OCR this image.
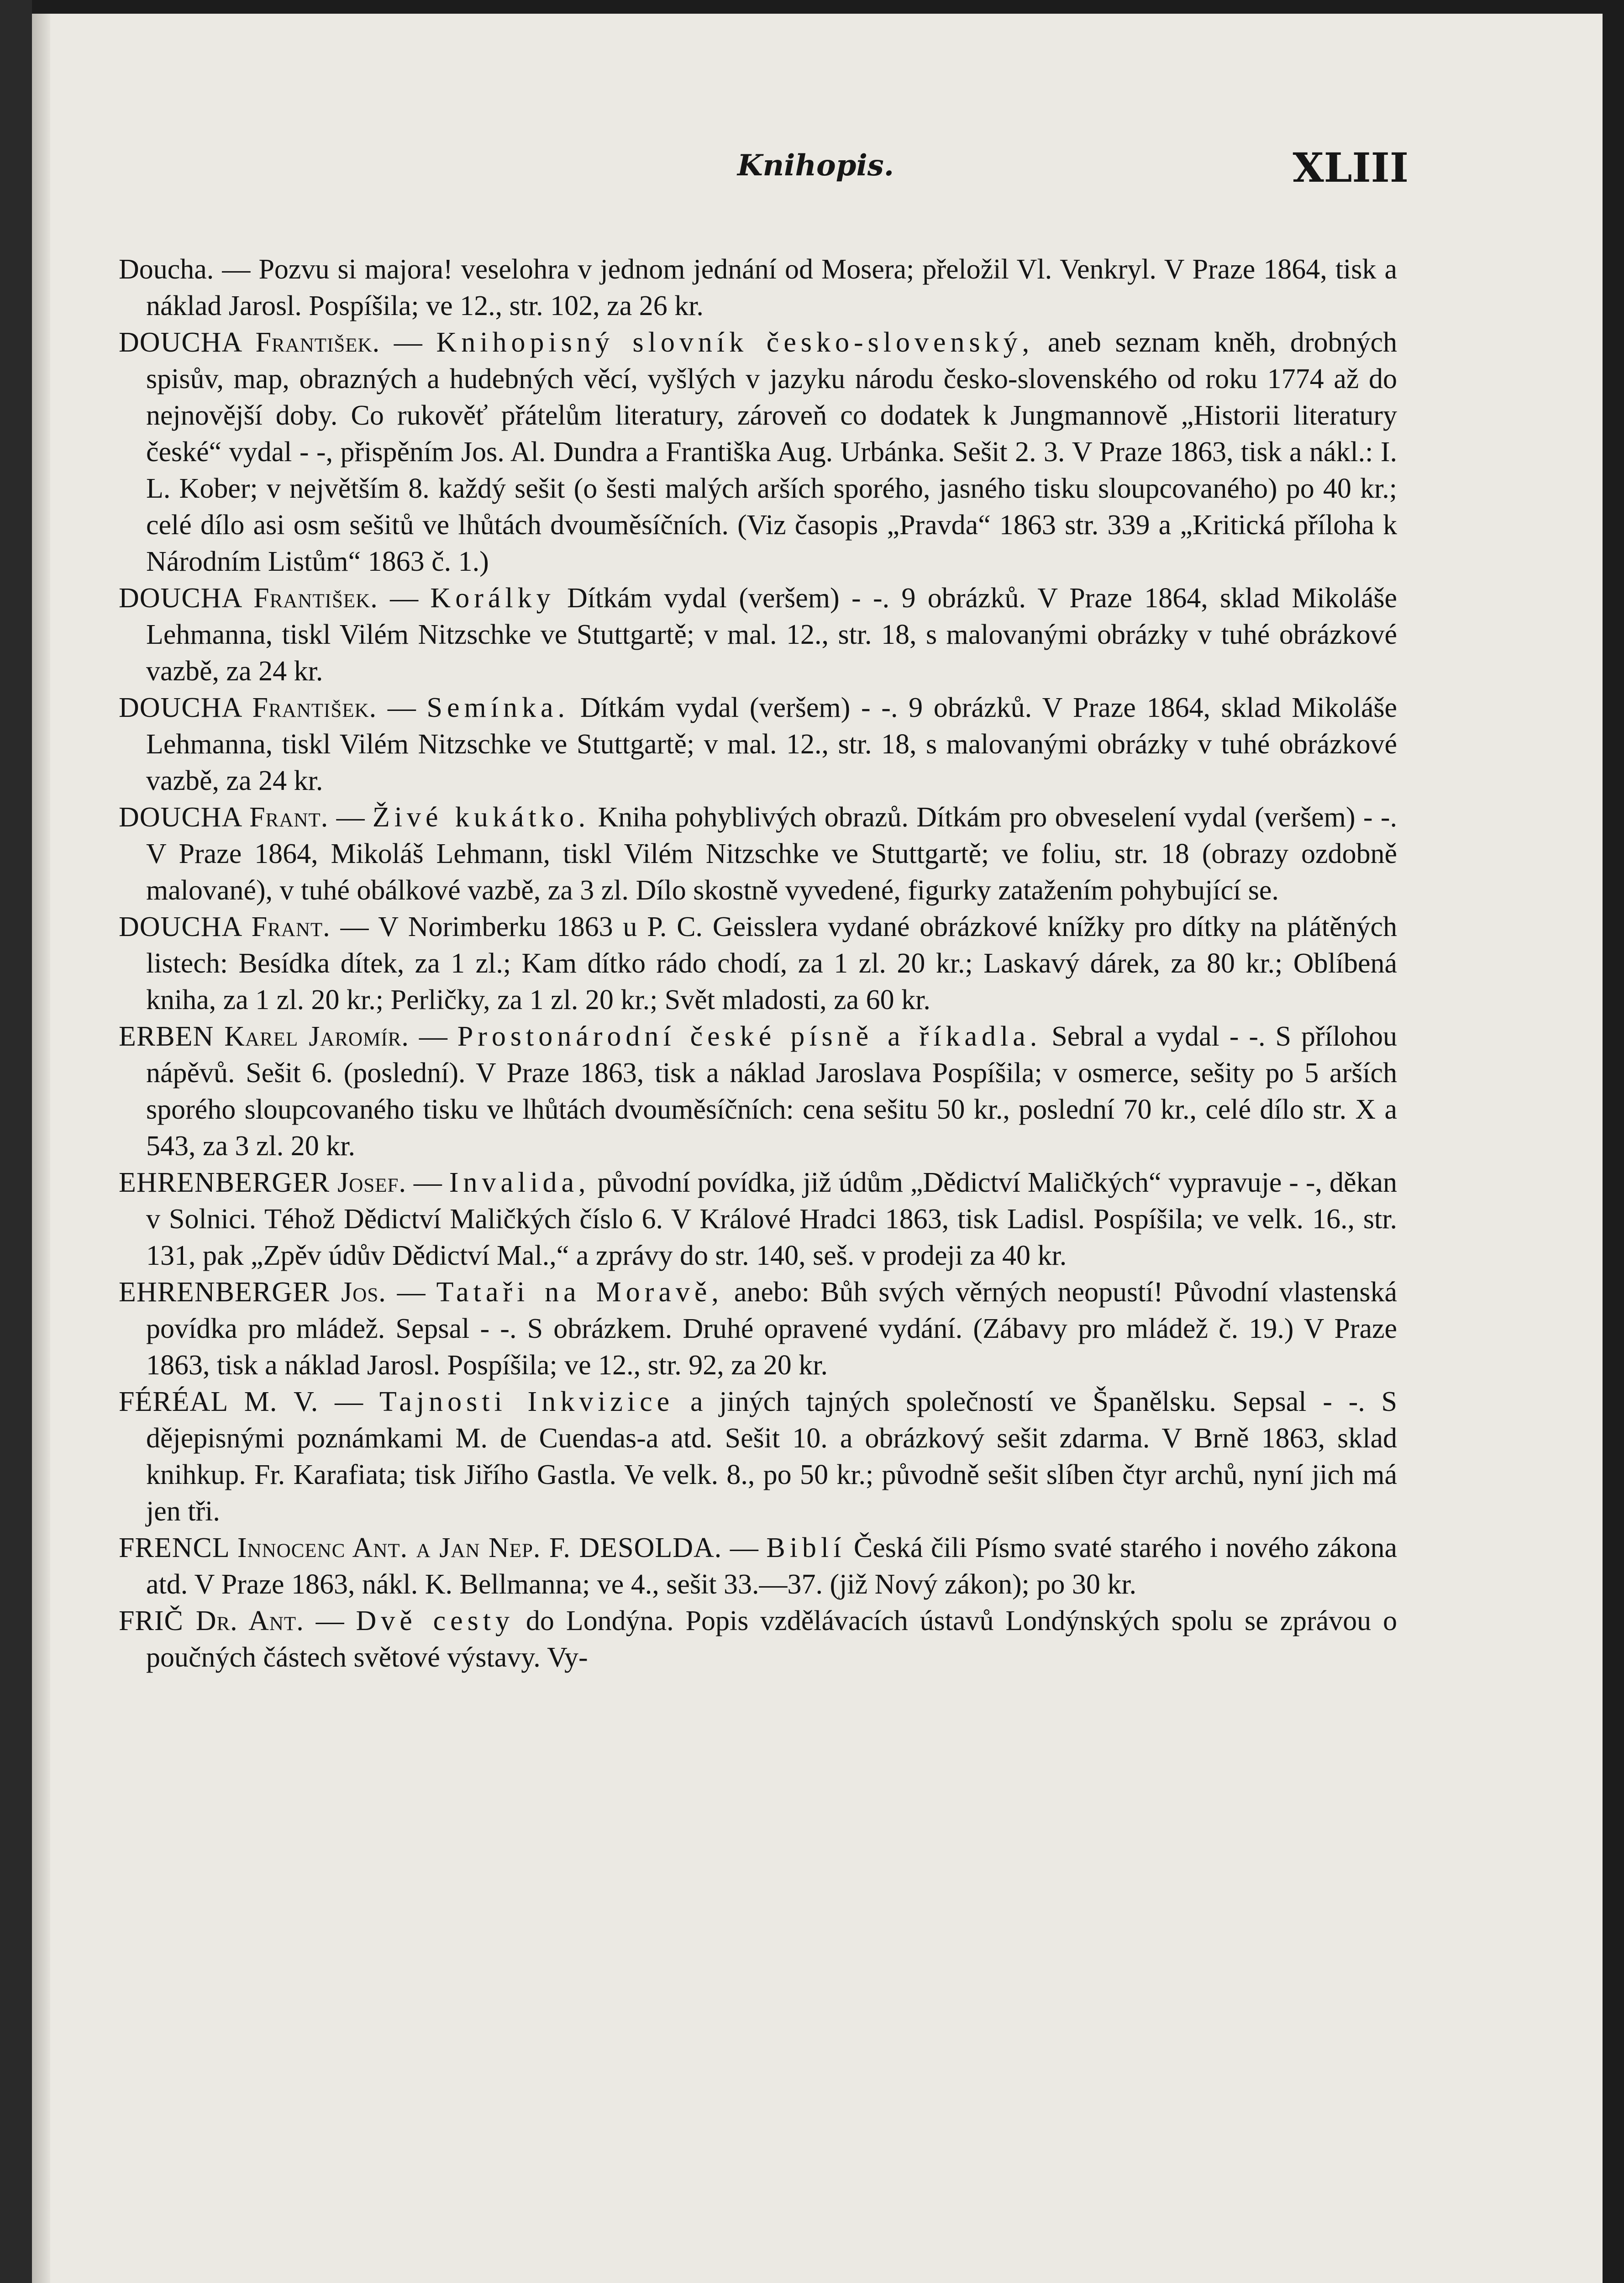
Knihopis.	XLIII

Doucha. — Pozvu si majora! veselohra v jednom jednání od Mosera; přeložil Vl. Venkryl. V Praze 1864, tisk a náklad Jarosl. Pospíšila; ve 12., str. 102, za 26 kr.

DOUCHA František. — Knihopisný slovník česko-slovenský, aneb seznam kněh, drobných spisův, map, obrazných a hudebných věcí, vyšlých v jazyku národu česko-slovenského od roku 1774 až do nejnovější doby. Co rukověť přátelům literatury, zároveň co dodatek k Jungmannově „Historii literatury české“ vydal - -, přispěním Jos. Al. Dundra a Františka Aug. Urbánka. Sešit 2. 3. V Praze 1863, tisk a nákl.: I. L. Kober; v největším 8. každý sešit (o šesti malých arších sporého, jasného tisku sloupcovaného) po 40 kr.; celé dílo asi osm sešitů ve lhůtách dvouměsíčních. (Viz časopis „Pravda“ 1863 str. 339 a „Kritická příloha k Národním Listům“ 1863 č. 1.)

DOUCHA František. — Korálky Dítkám vydal (veršem) - -. 9 obrázků. V Praze 1864, sklad Mikoláše Lehmanna, tiskl Vilém Nitzschke ve Stuttgartě; v mal. 12., str. 18, s malovanými obrázky v tuhé obrázkové vazbě, za 24 kr.

DOUCHA František. — Semínka. Dítkám vydal (veršem) - -. 9 obrázků. V Praze 1864, sklad Mikoláše Lehmanna, tiskl Vilém Nitzschke ve Stuttgartě; v mal. 12., str. 18, s malovanými obrázky v tuhé obrázkové vazbě, za 24 kr.

DOUCHA Frant. — Živé kukátko. Kniha pohyblivých obrazů. Dítkám pro obveselení vydal (veršem) - -. V Praze 1864, Mikoláš Lehmann, tiskl Vilém Nitzschke ve Stuttgartě; ve foliu, str. 18 (obrazy ozdobně malované), v tuhé obálkové vazbě, za 3 zl. Dílo skostně vyvedené, figurky zatažením pohybující se.

DOUCHA Frant. — V Norimberku 1863 u P. C. Geisslera vydané obrázkové knížky pro dítky na plátěných listech: Besídka dítek, za 1 zl.; Kam dítko rádo chodí, za 1 zl. 20 kr.; Laskavý dárek, za 80 kr.; Oblíbená kniha, za 1 zl. 20 kr.; Perličky, za 1 zl. 20 kr.; Svět mladosti, za 60 kr.

ERBEN Karel Jaromír. — Prostonárodní české písně a říkadla. Sebral a vydal - -. S přílohou nápěvů. Sešit 6. (poslední). V Praze 1863, tisk a náklad Jaroslava Pospíšila; v osmerce, sešity po 5 arších sporého sloupcovaného tisku ve lhůtách dvouměsíčních: cena sešitu 50 kr., poslední 70 kr., celé dílo str. X a 543, za 3 zl. 20 kr.

EHRENBERGER Josef. — Invalida, původní povídka, již údům „Dědictví Maličkých“ vypravuje - -, děkan v Solnici. Téhož Dědictví Maličkých číslo 6. V Králové Hradci 1863, tisk Ladisl. Pospíšila; ve velk. 16., str. 131, pak „Zpěv údův Dědictví Mal.,“ a zprávy do str. 140, seš. v prodeji za 40 kr.

EHRENBERGER Jos. — Tataři na Moravě, anebo: Bůh svých věrných neopustí! Původní vlastenská povídka pro mládež. Sepsal - -. S obrázkem. Druhé opravené vydání. (Zábavy pro mládež č. 19.) V Praze 1863, tisk a náklad Jarosl. Pospíšila; ve 12., str. 92, za 20 kr.

FÉRÉAL M. V. — Tajnosti Inkvizice a jiných tajných společností ve Španělsku. Sepsal - -. S dějepisnými poznámkami M. de Cuendas-a atd. Sešit 10. a obrázkový sešit zdarma. V Brně 1863, sklad knihkup. Fr. Karafiata; tisk Jiřího Gastla. Ve velk. 8., po 50 kr.; původně sešit slíben čtyr archů, nyní jich má jen tři.

FRENCL Innocenc Ant. a Jan Nep. F. DESOLDA. — Biblí Česká čili Písmo svaté starého i nového zákona atd. V Praze 1863, nákl. K. Bellmanna; ve 4., sešit 33.—37. (již Nový zákon); po 30 kr.

FRIČ Dr. Ant. — Dvě cesty do Londýna. Popis vzdělávacích ústavů Londýnských spolu se zprávou o poučných částech světové výstavy. Vy-
